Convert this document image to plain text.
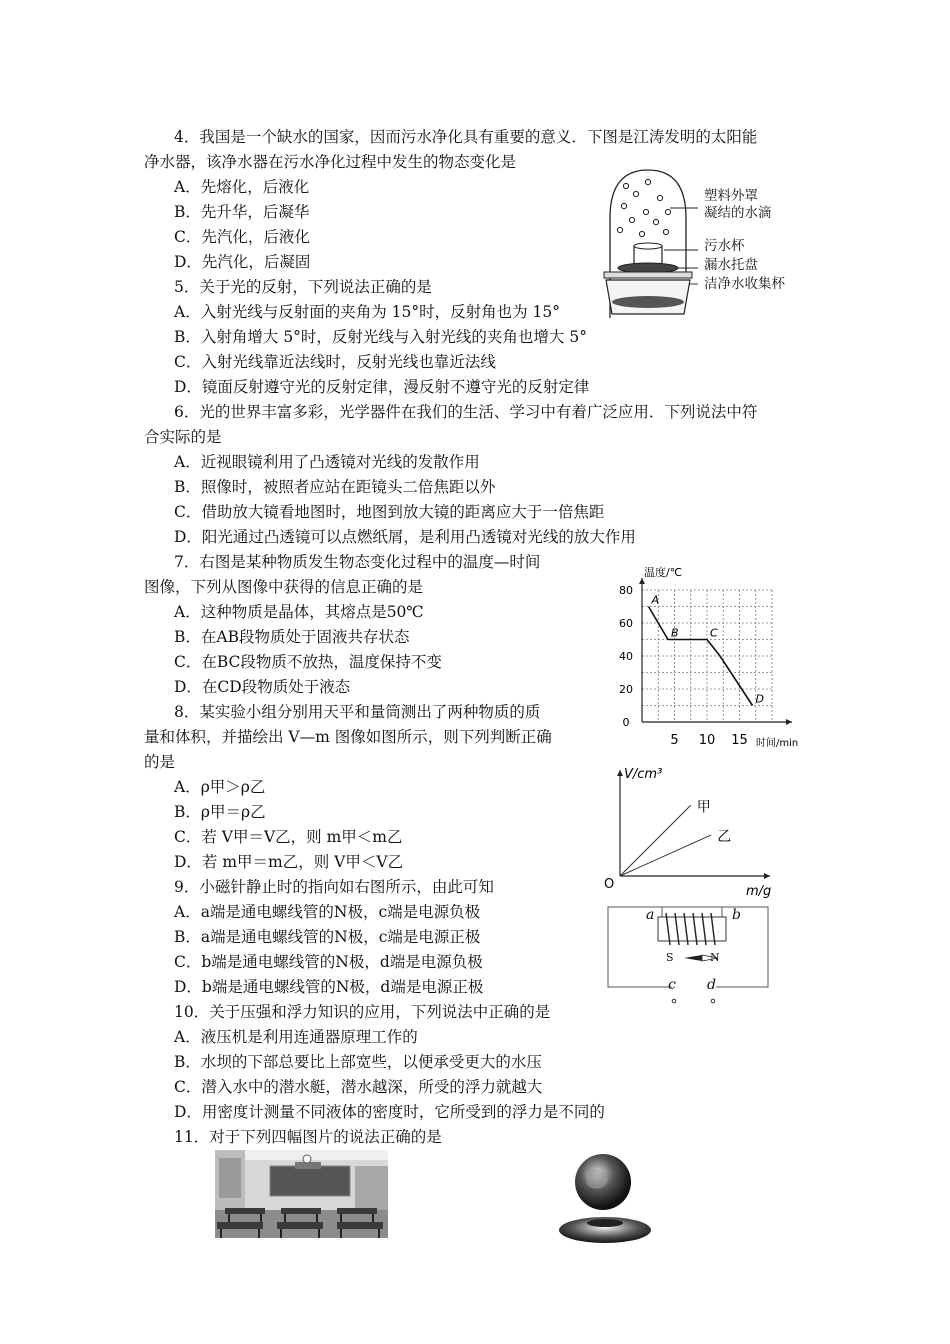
4．我国是一个缺水的国家，因而污水净化具有重要的意义．下图是江涛发明的太阳能
净水器，该净水器在污水净化过程中发生的物态变化是
A．先熔化，后液化
B．先升华，后凝华
C．先汽化，后液化
D．先汽化，后凝固
塑料外罩
凝结的水滴
污水杯
漏水托盘
洁净水收集杯
5．关于光的反射，下列说法正确的是
A．入射光线与反射面的夹角为 15°时，反射角也为 15°
B．入射角增大 5°时，反射光线与入射光线的夹角也增大 5°
C．入射光线靠近法线时，反射光线也靠近法线
D．镜面反射遵守光的反射定律，漫反射不遵守光的反射定律
6．光的世界丰富多彩，光学器件在我们的生活、学习中有着广泛应用．下列说法中符
合实际的是
A．近视眼镜利用了凸透镜对光线的发散作用
B．照像时，被照者应站在距镜头二倍焦距以外
C．借助放大镜看地图时，地图到放大镜的距离应大于一倍焦距
D．阳光通过凸透镜可以点燃纸屑，是利用凸透镜对光线的放大作用
7．右图是某种物质发生物态变化过程中的温度—时间
图像，下列从图像中获得的信息正确的是
A．这种物质是晶体，其熔点是50℃
B．在AB段物质处于固液共存状态
C．在BC段物质不放热，温度保持不变
D．在CD段物质处于液态
80
60
40
20
0
5 10 15
温度/℃
时间/min
A
B	C
D
8．某实验小组分别用天平和量筒测出了两种物质的质
量和体积，并描绘出 V—m 图像如图所示，则下列判断正确
的是
A．ρ甲＞ρ乙
B．ρ甲＝ρ乙
C．若 V甲＝V乙，则 m甲＜m乙
D．若 m甲＝m乙，则 V甲＜V乙
V/cm³
m/g
O
甲
乙
9．小磁针静止时的指向如右图所示，由此可知
A．a端是通电螺线管的N极，c端是电源负极
B．a端是通电螺线管的N极，c端是电源正极
C．b端是通电螺线管的N极，d端是电源负极
D．b端是通电螺线管的N极，d端是电源正极
a	b
S	N
c d
10．关于压强和浮力知识的应用，下列说法中正确的是
A．液压机是利用连通器原理工作的
B．水坝的下部总要比上部宽些，以便承受更大的水压
C．潜入水中的潜水艇，潜水越深，所受的浮力就越大
D．用密度计测量不同液体的密度时，它所受到的浮力是不同的
11．对于下列四幅图片的说法正确的是
